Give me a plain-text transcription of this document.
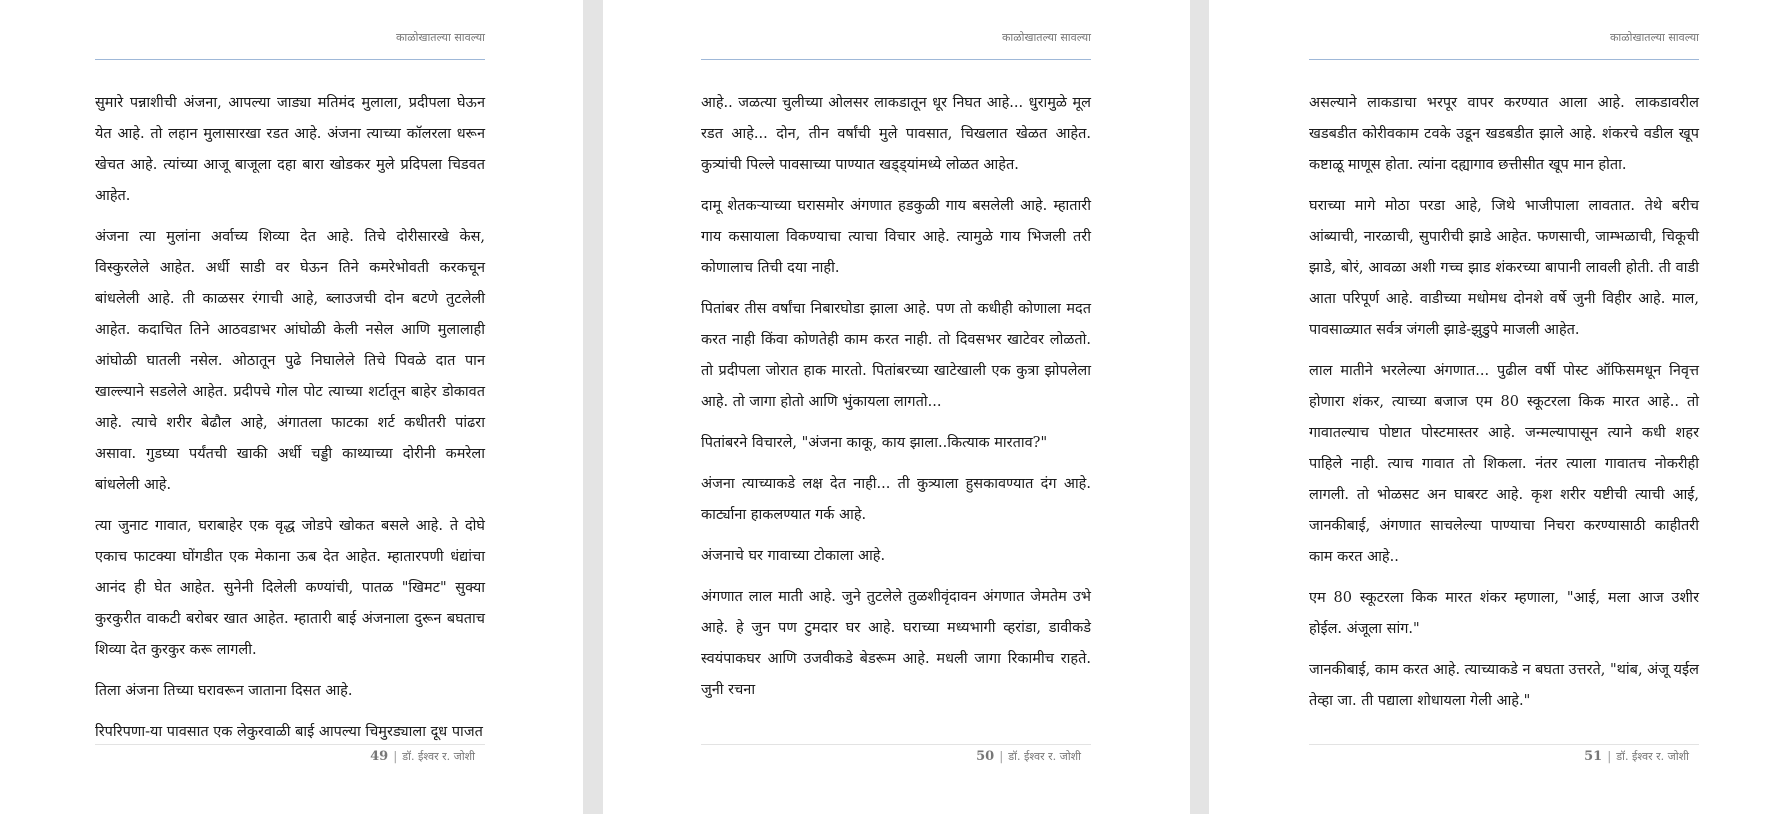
काळोखातल्या सावल्या

सुमारे पन्नाशीची अंजना, आपल्या जाड्या मतिमंद मुलाला, प्रदीपला घेऊन येत आहे. तो लहान मुलासारखा रडत आहे. अंजना त्याच्या कॉलरला धरून खेचत आहे. त्यांच्या आजू बाजूला दहा बारा खोडकर मुले प्रदिपला चिडवत आहेत.

अंजना त्या मुलांना अर्वाच्य शिव्या देत आहे. तिचे दोरीसारखे केस, विस्कुरलेले आहेत. अर्धी साडी वर घेऊन तिने कमरेभोवती करकचून बांधलेली आहे. ती काळसर रंगाची आहे, ब्लाउजची दोन बटणे तुटलेली आहेत. कदाचित तिने आठवडाभर आंघोळी केली नसेल आणि मुलालाही आंघोळी घातली नसेल. ओठातून पुढे निघालेले तिचे पिवळे दात पान खाल्ल्याने सडलेले आहेत. प्रदीपचे गोल पोट त्याच्या शर्टातून बाहेर डोकावत आहे. त्याचे शरीर बेढौल आहे, अंगातला फाटका शर्ट कधीतरी पांढरा असावा. गुडघ्या पर्यंतची खाकी अर्धी चड्डी काथ्याच्या दोरीनी कमरेला बांधलेली आहे.

त्या जुनाट गावात, घराबाहेर एक वृद्ध जोडपे खोकत बसले आहे. ते दोघे एकाच फाटक्या घोंगडीत एक मेकाना ऊब देत आहेत. म्हातारपणी धंद्यांचा आनंद ही घेत आहेत. सुनेनी दिलेली कण्यांची, पातळ "खिमट" सुक्या कुरकुरीत वाकटी बरोबर खात आहेत. म्हातारी बाई अंजनाला दुरून बघताच शिव्या देत कुरकुर करू लागली.

तिला अंजना तिच्या घरावरून जाताना दिसत आहे.

रिपरिपणा-या पावसात एक लेकुरवाळी बाई आपल्या चिमुरड्याला दूध पाजत

49 | डॉ. ईश्वर र. जोशी
काळोखातल्या सावल्या

आहे.. जळत्या चुलीच्या ओलसर लाकडातून धूर निघत आहे... धुरामुळे मूल रडत आहे... दोन, तीन वर्षांची मुले पावसात, चिखलात खेळत आहेत. कुत्र्यांची पिल्ले पावसाच्या पाण्यात खड्ड्यांमध्ये लोळत आहेत.

दामू शेतकऱ्याच्या घरासमोर अंगणात हडकुळी गाय बसलेली आहे. म्हातारी गाय कसायाला विकण्याचा त्याचा विचार आहे. त्यामुळे गाय भिजली तरी कोणालाच तिची दया नाही.

पितांबर तीस वर्षांचा निबारघोडा झाला आहे. पण तो कधीही कोणाला मदत करत नाही किंवा कोणतेही काम करत नाही. तो दिवसभर खाटेवर लोळतो. तो प्रदीपला जोरात हाक मारतो. पितांबरच्या खाटेखाली एक कुत्रा झोपलेला आहे. तो जागा होतो आणि भुंकायला लागतो...

पितांबरने विचारले, "अंजना काकू, काय झाला..कित्याक मारताव?"

अंजना त्याच्याकडे लक्ष देत नाही... ती कुत्र्याला हुसकावण्यात दंग आहे. कार्ट्याना हाकलण्यात गर्क आहे.

अंजनाचे घर गावाच्या टोकाला आहे.

अंगणात लाल माती आहे. जुने तुटलेले तुळशीवृंदावन अंगणात जेमतेम उभे आहे. हे जुन पण टुमदार घर आहे. घराच्या मध्यभागी व्हरांडा, डावीकडे स्वयंपाकघर आणि उजवीकडे बेडरूम आहे. मधली जागा रिकामीच राहते. जुनी रचना

50 | डॉ. ईश्वर र. जोशी
काळोखातल्या सावल्या

असल्याने लाकडाचा भरपूर वापर करण्यात आला आहे. लाकडावरील खडबडीत कोरीवकाम टवके उडून खडबडीत झाले आहे. शंकरचे वडील खूप कष्टाळू माणूस होता. त्यांना दह्यागाव छत्तीसीत खूप मान होता.

घराच्या मागे मोठा परडा आहे, जिथे भाजीपाला लावतात. तेथे बरीच आंब्याची, नारळाची, सुपारीची झाडे आहेत. फणसाची, जाम्भळाची, चिकूची झाडे, बोरं, आवळा अशी गच्च झाड शंकरच्या बापानी लावली होती. ती वाडी आता परिपूर्ण आहे. वाडीच्या मधोमध दोनशे वर्षे जुनी विहीर आहे. माल, पावसाळ्यात सर्वत्र जंगली झाडे-झुडुपे माजली आहेत.

लाल मातीने भरलेल्या अंगणात... पुढील वर्षी पोस्ट ऑफिसमधून निवृत्त होणारा शंकर, त्याच्या बजाज एम 80 स्कूटरला किक मारत आहे.. तो गावातल्याच पोष्टात पोस्टमास्तर आहे. जन्मल्यापासून त्याने कधी शहर पाहिले नाही. त्याच गावात तो शिकला. नंतर त्याला गावातच नोकरीही लागली. तो भोळसट अन घाबरट आहे. कृश शरीर यष्टीची त्याची आई, जानकीबाई, अंगणात साचलेल्या पाण्याचा निचरा करण्यासाठी काहीतरी काम करत आहे..

एम 80 स्कूटरला किक मारत शंकर म्हणाला, "आई, मला आज उशीर होईल. अंजूला सांग."

जानकीबाई, काम करत आहे. त्याच्याकडे न बघता उत्तरते, "थांब, अंजू यईल तेव्हा जा. ती पद्याला शोधायला गेली आहे."

51 | डॉ. ईश्वर र. जोशी
